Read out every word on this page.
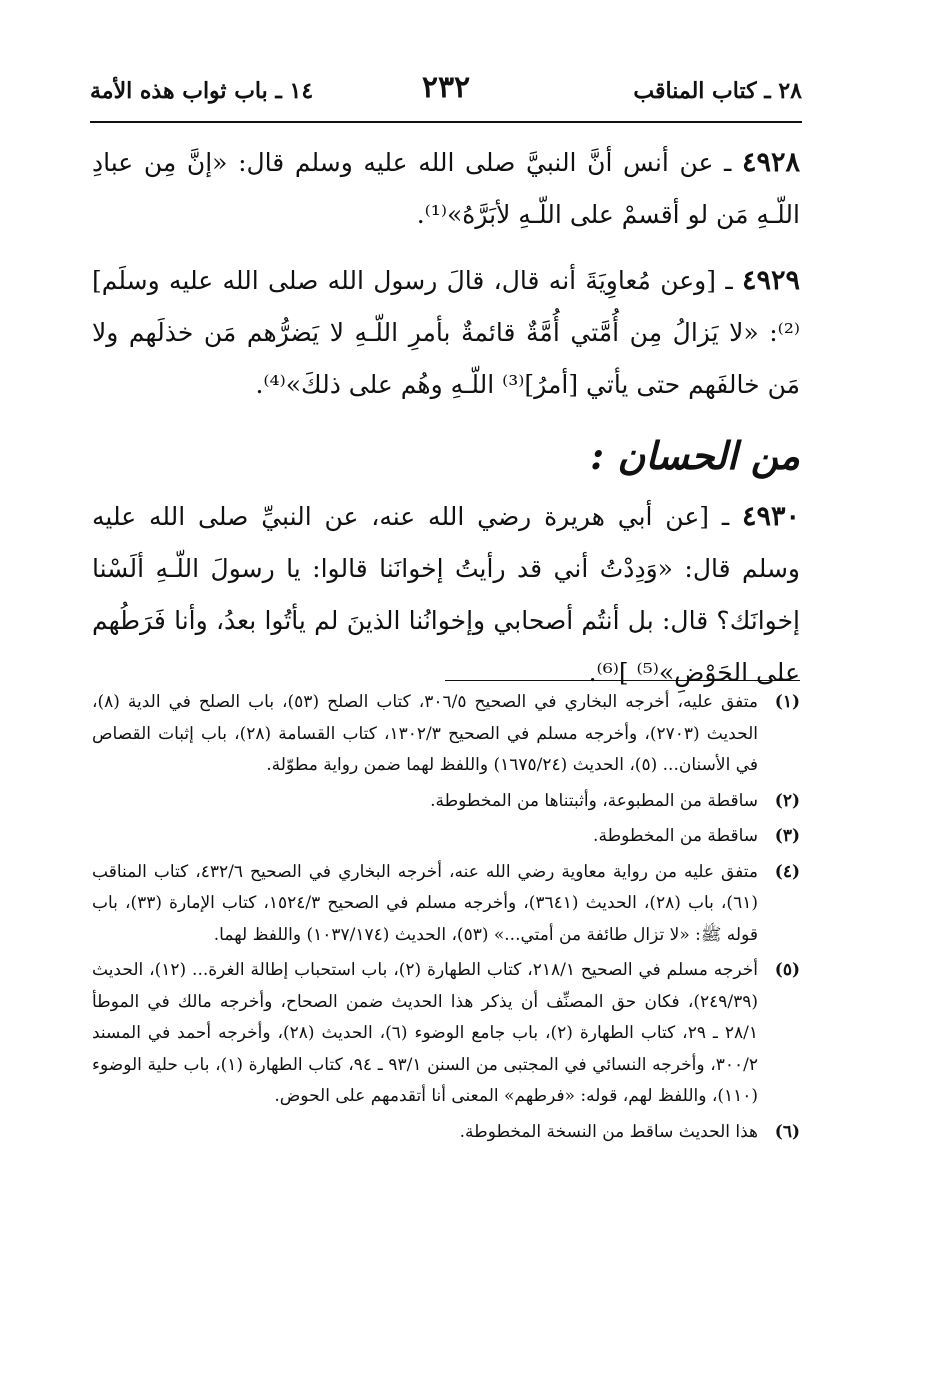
٢٨ ـ كتاب المناقب
٢٣٢
١٤ ـ باب ثواب هذه الأمة

٤٩٢٨ ـ عن أنس أنَّ النبيَّ صلى الله عليه وسلم قال: «إنَّ مِن عبادِ اللّـهِ مَن لو أقسمْ على اللّـهِ لأبَرَّهُ»⁽¹⁾.

٤٩٢٩ ـ [وعن مُعاوِيَةَ أنه قال، قالَ رسول الله صلى الله عليه وسلَم]⁽²⁾: «لا يَزالُ مِن أُمَّتي أُمَّةٌ قائمةٌ بأمرِ اللّـهِ لا يَضرُّهم مَن خذلَهم ولا مَن خالفَهم حتى يأتي [أمرُ]⁽³⁾ اللّـهِ وهُم على ذلكَ»⁽⁴⁾.

من الحسان :

٤٩٣٠ ـ [عن أبي هريرة رضي الله عنه، عن النبيِّ صلى الله عليه وسلم قال: «وَدِدْتُ أني قد رأيتُ إخوانَنا قالوا: يا رسولَ اللّـهِ ألَسْنا إخوانَك؟ قال: بل أنتُم أصحابي وإخوانُنا الذينَ لم يأتُوا بعدُ، وأنا فَرَطُهم على الحَوْضِ»⁽⁵⁾ ]⁽⁶⁾.

(١)
متفق عليه، أخرجه البخاري في الصحيح ٣٠٦/٥، كتاب الصلح (٥٣)، باب الصلح في الدية (٨)، الحديث (٢٧٠٣)، وأخرجه مسلم في الصحيح ١٣٠٢/٣، كتاب القسامة (٢٨)، باب إثبات القصاص في الأسنان... (٥)، الحديث (١٦٧٥/٢٤) واللفظ لهما ضمن رواية مطوّلة.
(٢)
ساقطة من المطبوعة، وأثبتناها من المخطوطة.
(٣)
ساقطة من المخطوطة.
(٤)
متفق عليه من رواية معاوية رضي الله عنه، أخرجه البخاري في الصحيح ٤٣٢/٦، كتاب المناقب (٦١)، باب (٢٨)، الحديث (٣٦٤١)، وأخرجه مسلم في الصحيح ١٥٢٤/٣، كتاب الإمارة (٣٣)، باب قوله ﷺ: «لا تزال طائفة من أمتي...» (٥٣)، الحديث (١٠٣٧/١٧٤) واللفظ لهما.
(٥)
أخرجه مسلم في الصحيح ٢١٨/١، كتاب الطهارة (٢)، باب استحباب إطالة الغرة... (١٢)، الحديث (٢٤٩/٣٩)، فكان حق المصنِّف أن يذكر هذا الحديث ضمن الصحاح، وأخرجه مالك في الموطأ ٢٨/١ ـ ٢٩، كتاب الطهارة (٢)، باب جامع الوضوء (٦)، الحديث (٢٨)، وأخرجه أحمد في المسند ٣٠٠/٢، وأخرجه النسائي في المجتبى من السنن ٩٣/١ ـ ٩٤، كتاب الطهارة (١)، باب حلية الوضوء (١١٠)، واللفظ لهم، قوله: «فرطهم» المعنى أنا أتقدمهم على الحوض.
(٦)
هذا الحديث ساقط من النسخة المخطوطة.
